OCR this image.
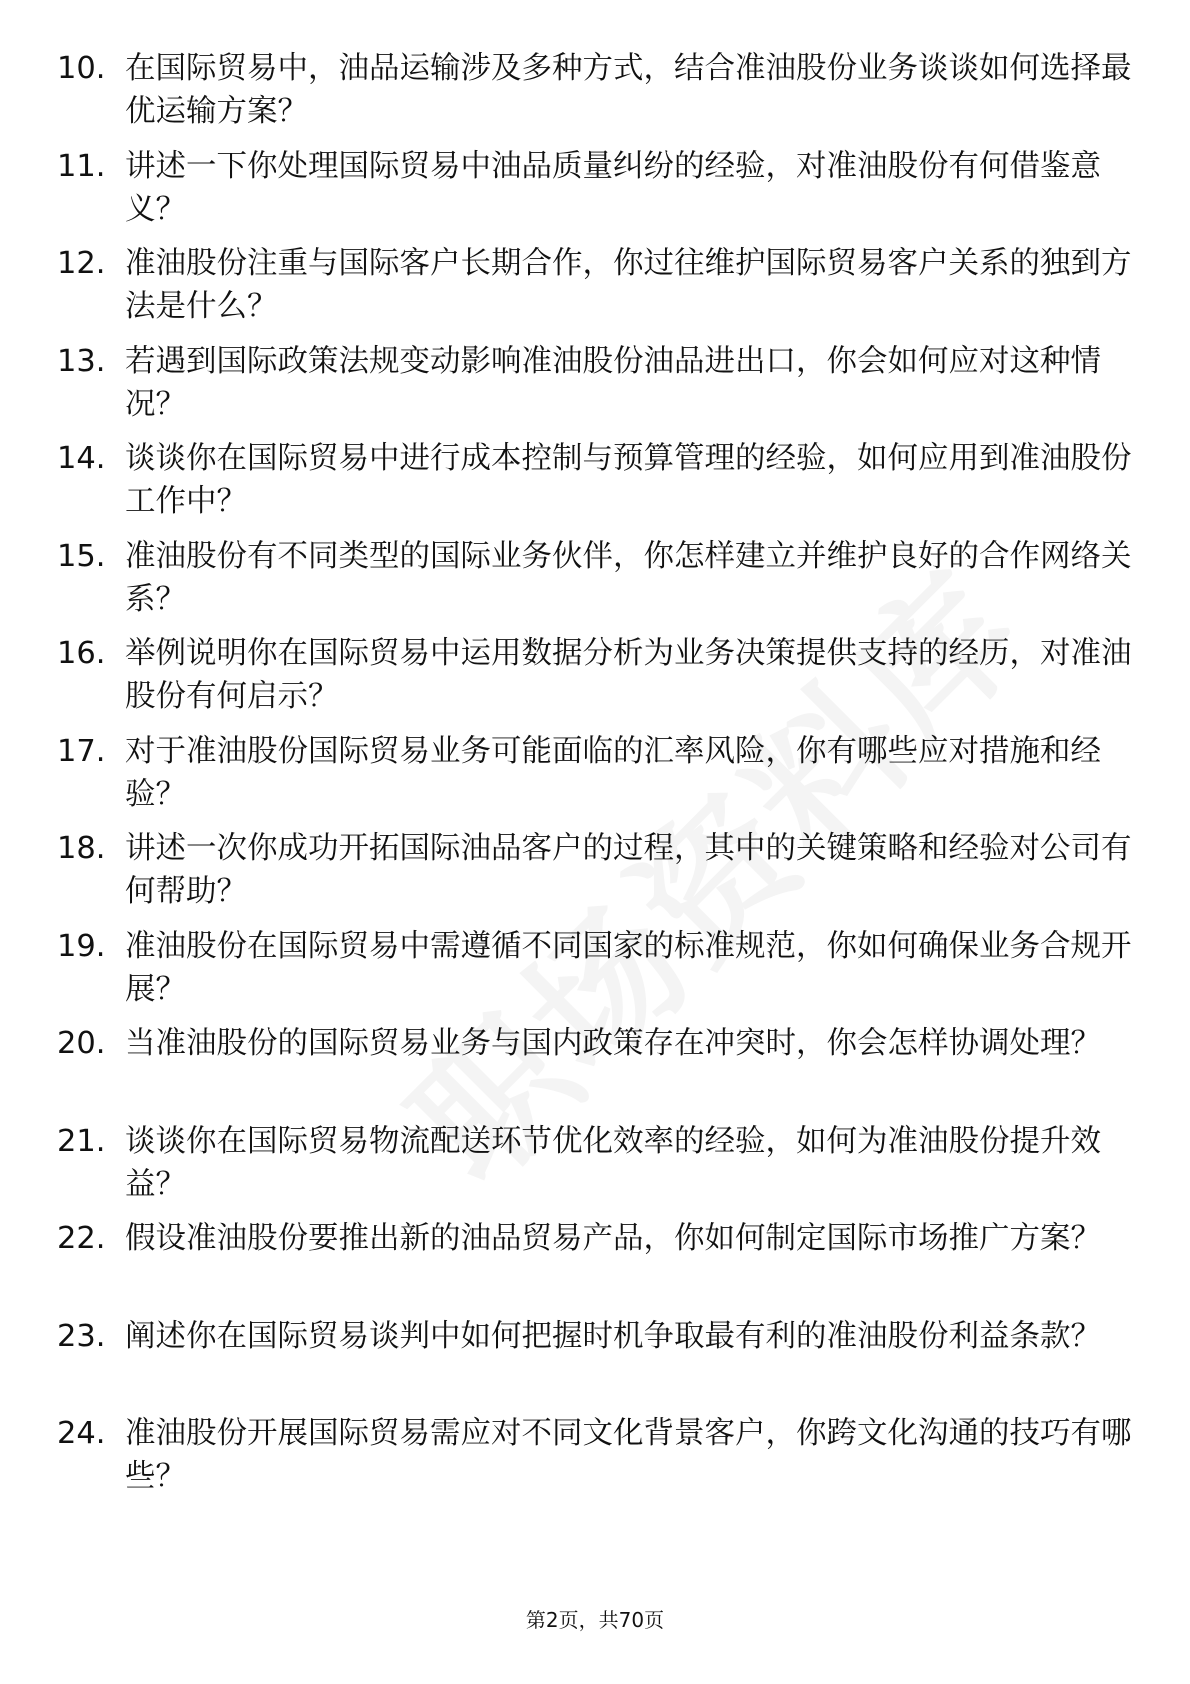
10. 在国际贸易中，油品运输涉及多种方式，结合准油股份业务谈谈如何选择最优运输方案？
11. 讲述一下你处理国际贸易中油品质量纠纷的经验，对准油股份有何借鉴意义？
12. 准油股份注重与国际客户长期合作，你过往维护国际贸易客户关系的独到方法是什么？
13. 若遇到国际政策法规变动影响准油股份油品进出口，你会如何应对这种情况？
14. 谈谈你在国际贸易中进行成本控制与预算管理的经验，如何应用到准油股份工作中？
15. 准油股份有不同类型的国际业务伙伴，你怎样建立并维护良好的合作网络关系？
16. 举例说明你在国际贸易中运用数据分析为业务决策提供支持的经历，对准油股份有何启示？
17. 对于准油股份国际贸易业务可能面临的汇率风险，你有哪些应对措施和经验？
18. 讲述一次你成功开拓国际油品客户的过程，其中的关键策略和经验对公司有何帮助？
19. 准油股份在国际贸易中需遵循不同国家的标准规范，你如何确保业务合规开展？
20. 当准油股份的国际贸易业务与国内政策存在冲突时，你会怎样协调处理？
21. 谈谈你在国际贸易物流配送环节优化效率的经验，如何为准油股份提升效益？
22. 假设准油股份要推出新的油品贸易产品，你如何制定国际市场推广方案？
23. 阐述你在国际贸易谈判中如何把握时机争取最有利的准油股份利益条款？
24. 准油股份开展国际贸易需应对不同文化背景客户，你跨文化沟通的技巧有哪些？
第2页，共70页
